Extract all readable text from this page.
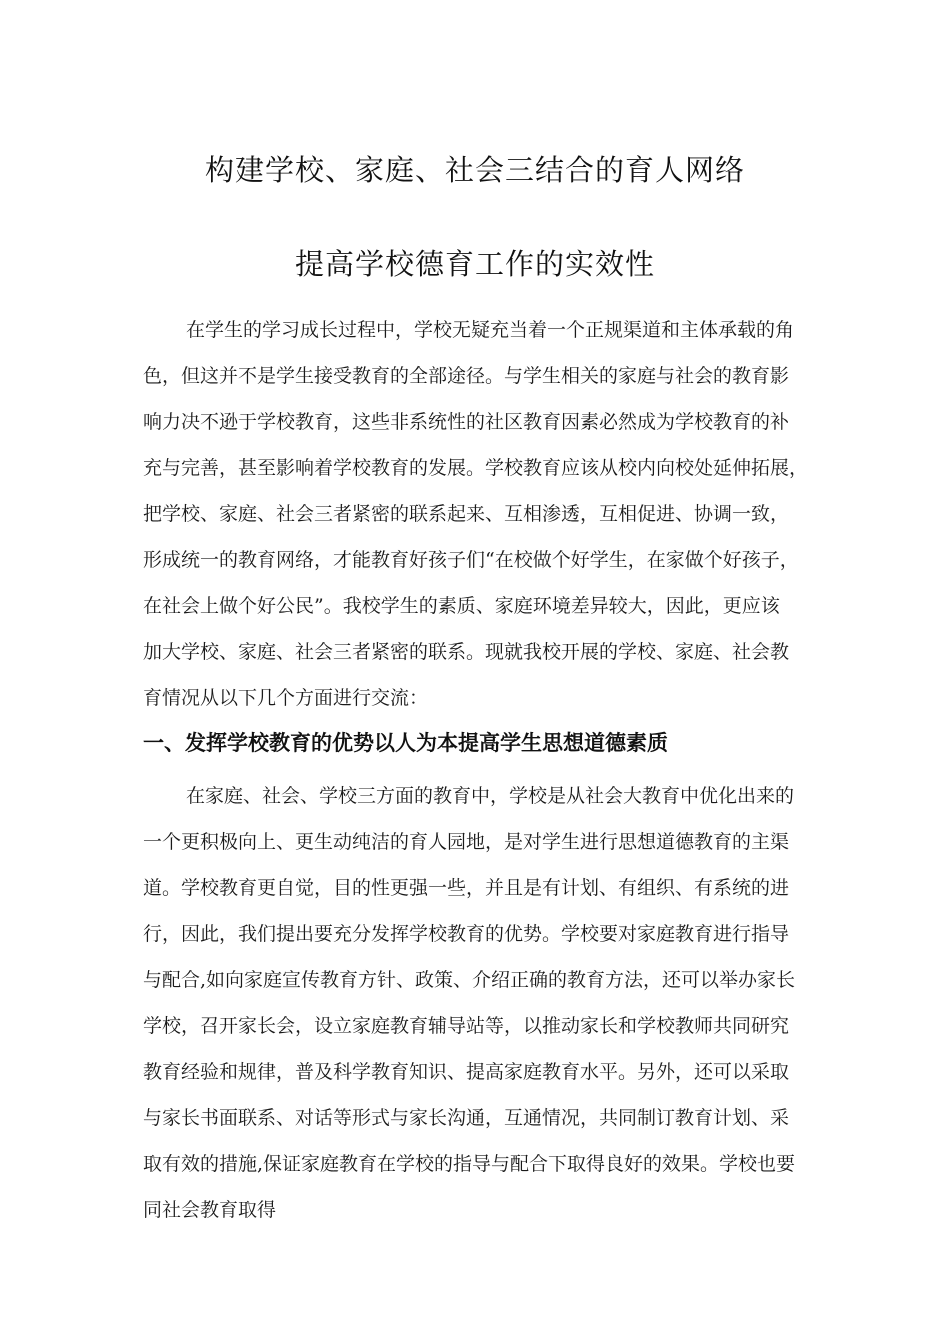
构建学校、家庭、社会三结合的育人网络
提高学校德育工作的实效性
在学生的学习成长过程中，学校无疑充当着一个正规渠道和主体承载的角
色，但这并不是学生接受教育的全部途径。与学生相关的家庭与社会的教育影
响力决不逊于学校教育，这些非系统性的社区教育因素必然成为学校教育的补
充与完善，甚至影响着学校教育的发展。学校教育应该从校内向校处延伸拓展，
把学校、家庭、社会三者紧密的联系起来、互相渗透，互相促进、协调一致，
形成统一的教育网络，才能教育好孩子们“在校做个好学生，在家做个好孩子，
在社会上做个好公民”。我校学生的素质、家庭环境差异较大，因此，更应该
加大学校、家庭、社会三者紧密的联系。现就我校开展的学校、家庭、社会教
育情况从以下几个方面进行交流：
一、发挥学校教育的优势以人为本提高学生思想道德素质
在家庭、社会、学校三方面的教育中，学校是从社会大教育中优化出来的
一个更积极向上、更生动纯洁的育人园地，是对学生进行思想道德教育的主渠
道。学校教育更自觉，目的性更强一些，并且是有计划、有组织、有系统的进
行，因此，我们提出要充分发挥学校教育的优势。学校要对家庭教育进行指导
与配合,如向家庭宣传教育方针、政策、介绍正确的教育方法，还可以举办家长
学校，召开家长会，设立家庭教育辅导站等，以推动家长和学校教师共同研究
教育经验和规律，普及科学教育知识、提高家庭教育水平。另外，还可以采取
与家长书面联系、对话等形式与家长沟通，互通情况，共同制订教育计划、采
取有效的措施,保证家庭教育在学校的指导与配合下取得良好的效果。学校也要
同社会教育取得
